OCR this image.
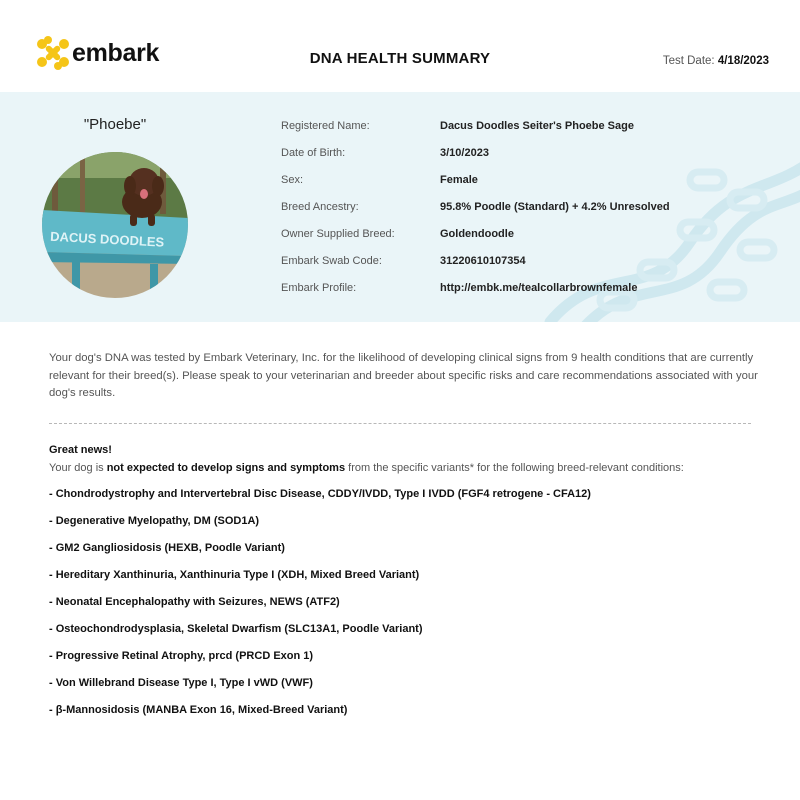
embark	DNA HEALTH SUMMARY	Test Date: 4/18/2023
"Phoebe"
DACUS DOODLES
Registered Name:	Dacus Doodles Seiter's Phoebe Sage
Date of Birth:	3/10/2023
Sex:	Female
Breed Ancestry:	95.8% Poodle (Standard) + 4.2% Unresolved
Owner Supplied Breed:	Goldendoodle
Embark Swab Code:	31220610107354
Embark Profile:	http://embk.me/tealcollarbrownfemale

Your dog's DNA was tested by Embark Veterinary, Inc. for the likelihood of developing clinical signs from 9 health conditions that are currently relevant for their breed(s). Please speak to your veterinarian and breeder about specific risks and care recommendations associated with your dog's results.

Great news!
Your dog is not expected to develop signs and symptoms from the specific variants* for the following breed-relevant conditions:
- Chondrodystrophy and Intervertebral Disc Disease, CDDY/IVDD, Type I IVDD (FGF4 retrogene - CFA12)
- Degenerative Myelopathy, DM (SOD1A)
- GM2 Gangliosidosis (HEXB, Poodle Variant)
- Hereditary Xanthinuria, Xanthinuria Type I (XDH, Mixed Breed Variant)
- Neonatal Encephalopathy with Seizures, NEWS (ATF2)
- Osteochondrodysplasia, Skeletal Dwarfism (SLC13A1, Poodle Variant)
- Progressive Retinal Atrophy, prcd (PRCD Exon 1)
- Von Willebrand Disease Type I, Type I vWD (VWF)
- β-Mannosidosis (MANBA Exon 16, Mixed-Breed Variant)
